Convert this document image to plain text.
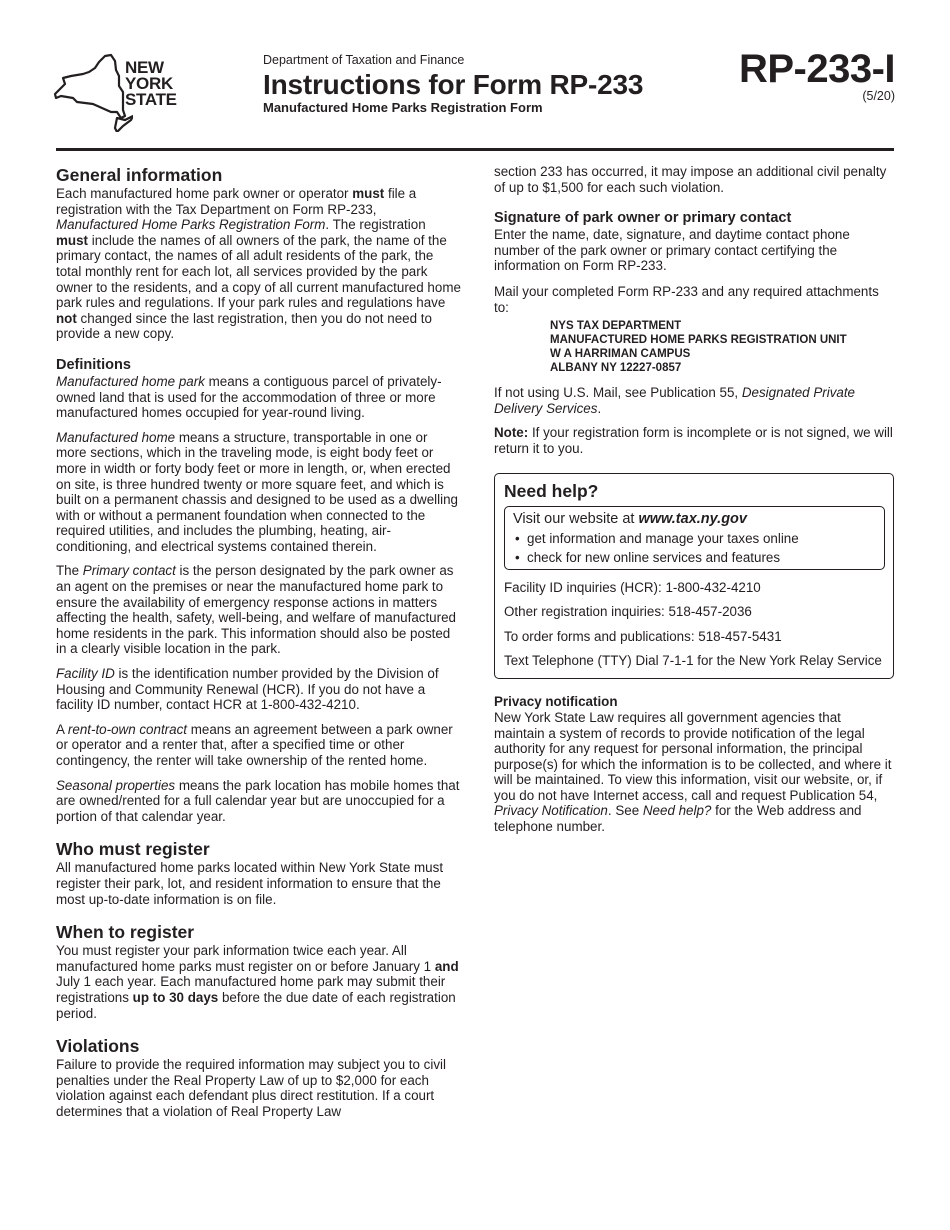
NEW
YORK
STATE
Department of Taxation and Finance
Instructions for Form RP-233
Manufactured Home Parks Registration Form
RP-233-I
(5/20)
General information

Each manufactured home park owner or operator must file a registration with the Tax Department on Form RP-233, Manufactured Home Parks Registration Form. The registration must include the names of all owners of the park, the name of the primary contact, the names of all adult residents of the park, the total monthly rent for each lot, all services provided by the park owner to the residents, and a copy of all current manufactured home park rules and regulations. If your park rules and regulations have not changed since the last registration, then you do not need to provide a new copy.

Definitions

Manufactured home park means a contiguous parcel of privately-owned land that is used for the accommodation of three or more manufactured homes occupied for year-round living.

Manufactured home means a structure, transportable in one or more sections, which in the traveling mode, is eight body feet or more in width or forty body feet or more in length, or, when erected on site, is three hundred twenty or more square feet, and which is built on a permanent chassis and designed to be used as a dwelling with or without a permanent foundation when connected to the required utilities, and includes the plumbing, heating, air-conditioning, and electrical systems contained therein.

The Primary contact is the person designated by the park owner as an agent on the premises or near the manufactured home park to ensure the availability of emergency response actions in matters affecting the health, safety, well-being, and welfare of manufactured home residents in the park. This information should also be posted in a clearly visible location in the park.

Facility ID is the identification number provided by the Division of Housing and Community Renewal (HCR). If you do not have a facility ID number, contact HCR at 1-800-432-4210.

A rent-to-own contract means an agreement between a park owner or operator and a renter that, after a specified time or other contingency, the renter will take ownership of the rented home.

Seasonal properties means the park location has mobile homes that are owned/rented for a full calendar year but are unoccupied for a portion of that calendar year.

Who must register

All manufactured home parks located within New York State must register their park, lot, and resident information to ensure that the most up-to-date information is on file.

When to register

You must register your park information twice each year. All manufactured home parks must register on or before January 1 and July 1 each year. Each manufactured home park may submit their registrations up to 30 days before the due date of each registration period.

Violations

Failure to provide the required information may subject you to civil penalties under the Real Property Law of up to $2,000 for each violation against each defendant plus direct restitution. If a court determines that a violation of Real Property Law

section 233 has occurred, it may impose an additional civil penalty of up to $1,500 for each such violation.

Signature of park owner or primary contact

Enter the name, date, signature, and daytime contact phone number of the park owner or primary contact certifying the information on Form RP-233.

Mail your completed Form RP-233 and any required attachments to:

NYS TAX DEPARTMENT
MANUFACTURED HOME PARKS REGISTRATION UNIT
W A HARRIMAN CAMPUS
ALBANY NY 12227-0857

If not using U.S. Mail, see Publication 55, Designated Private Delivery Services.

Note: If your registration form is incomplete or is not signed, we will return it to you.

Need help?
Visit our website at www.tax.ny.gov
• get information and manage your taxes online
• check for new online services and features

Facility ID inquiries (HCR): 1-800-432-4210

Other registration inquiries: 518-457-2036

To order forms and publications: 518-457-5431

Text Telephone (TTY) Dial 7-1-1 for the New York Relay Service

Privacy notification

New York State Law requires all government agencies that maintain a system of records to provide notification of the legal authority for any request for personal information, the principal purpose(s) for which the information is to be collected, and where it will be maintained. To view this information, visit our website, or, if you do not have Internet access, call and request Publication 54, Privacy Notification. See Need help? for the Web address and telephone number.
